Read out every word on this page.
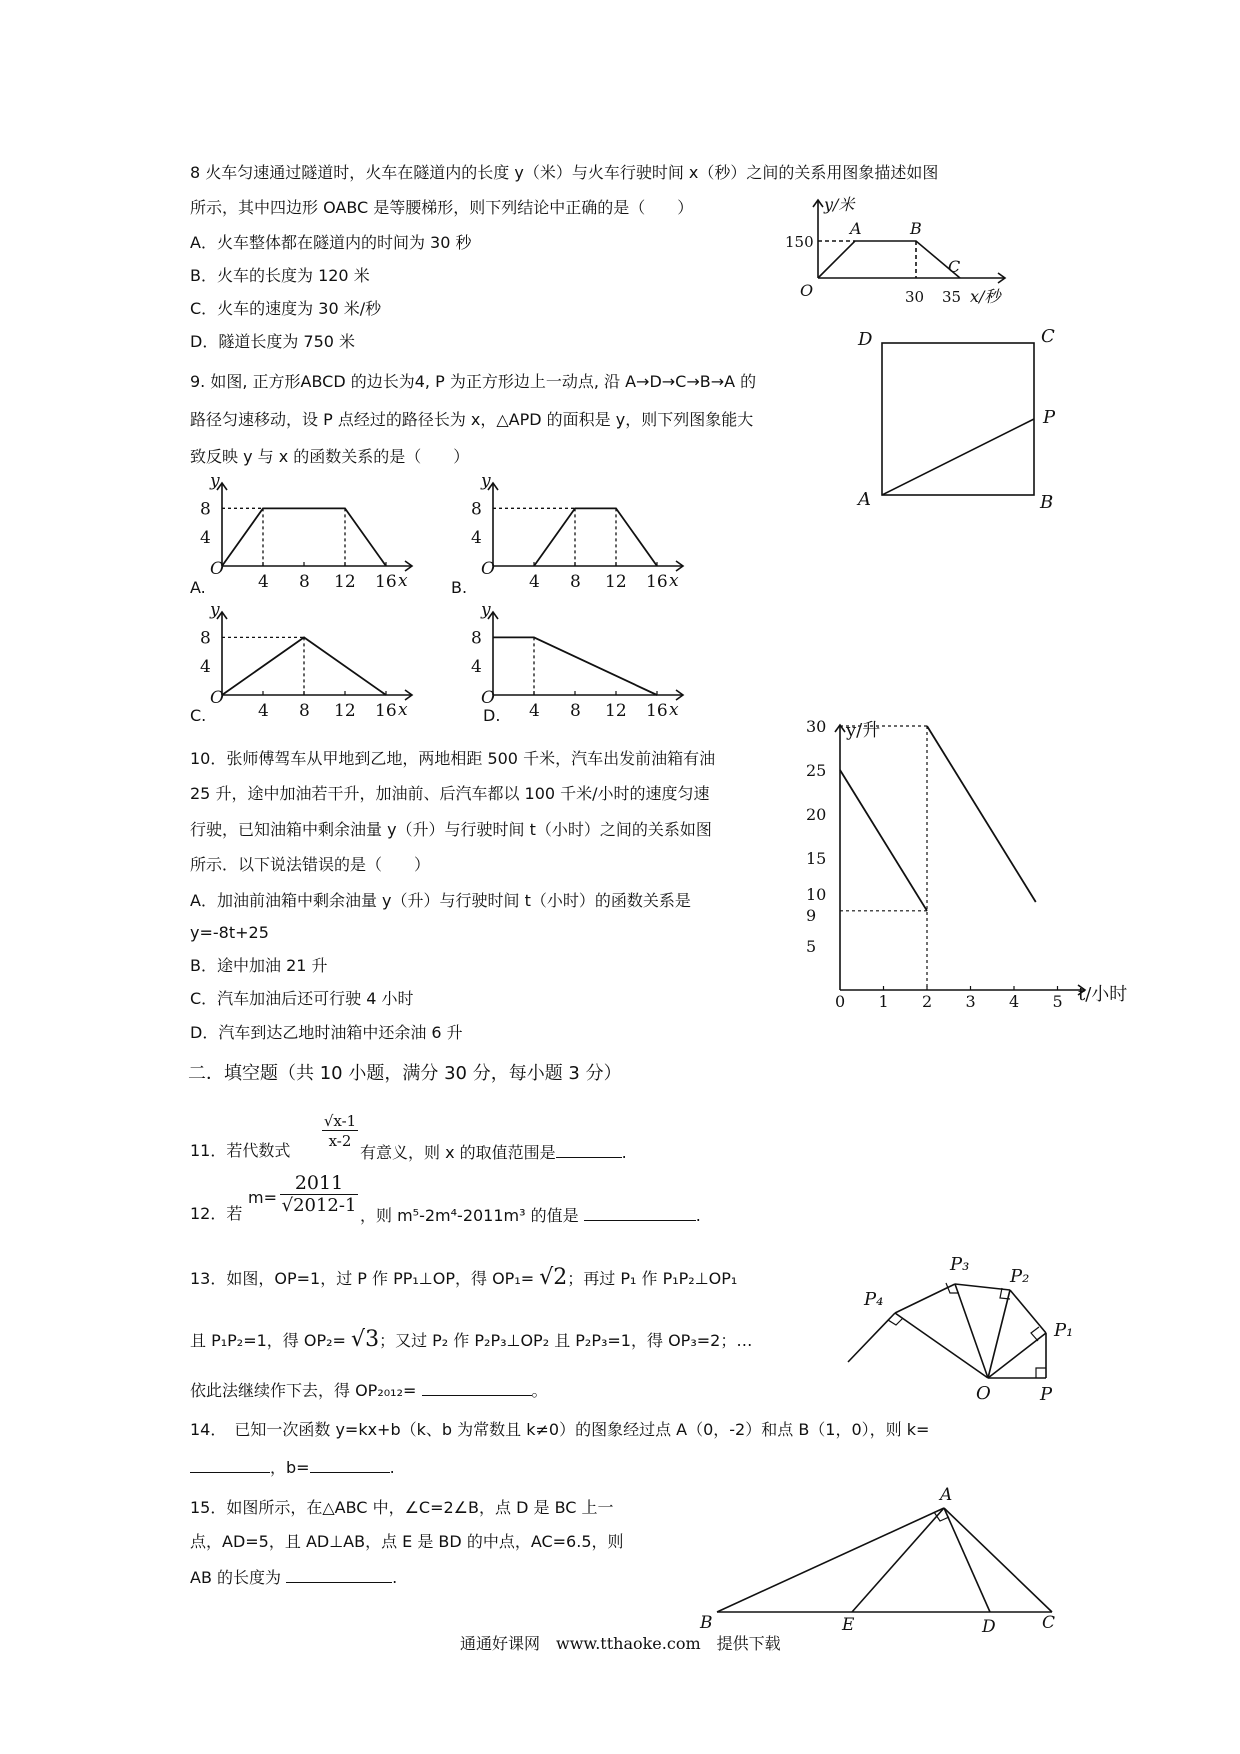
8 火车匀速通过隧道时，火车在隧道内的长度 y（米）与火车行驶时间 x（秒）之间的关系用图象描述如图
所示，其中四边形 OABC 是等腰梯形，则下列结论中正确的是（　　）
A．火车整体都在隧道内的时间为 30 秒
B．火车的长度为 120 米
C．火车的速度为 30 米/秒
D．隧道长度为 750 米
y/米
150
A	B
C
O	30 35 x/秒
9. 如图, 正方形ABCD 的边长为4, P 为正方形边上一动点, 沿 A→D→C→B→A 的
路径匀速移动，设 P 点经过的路径长为 x，△APD 的面积是 y，则下列图象能大
致反映 y 与 x 的函数关系的是（　　）
D	C
P
A	B
A.	B.
C.	D.
O
8
4
y
4 8 12 16 x
O
8
4
y
4 8 12 16 x
O
8
4
y
4 8 12 16 x
O
8
4
y
4 8 12 16 x
10．张师傅驾车从甲地到乙地，两地相距 500 千米，汽车出发前油箱有油
25 升，途中加油若干升，加油前、后汽车都以 100 千米/小时的速度匀速
行驶，已知油箱中剩余油量 y（升）与行驶时间 t（小时）之间的关系如图
所示．以下说法错误的是（　　）
A．加油前油箱中剩余油量 y（升）与行驶时间 t（小时）的函数关系是
y=-8t+25
B．途中加油 21 升
C．汽车加油后还可行驶 4 小时
D．汽车到达乙地时油箱中还余油 6 升
30
25
20
15
10
9
5
0 1 2 3 4 5
y/升
t/小时
二．填空题（共 10 小题，满分 30 分，每小题 3 分）
11．若代数式 $\frac{√x-1}{x-2}$
有意义，则 x 的取值范围是	.
12．若
$m= \frac{2011}{√2012-1}$ ，则 m⁵-2m⁴-2011m³ 的值是	.
13．如图，OP=1，过 P 作 PP₁⊥OP，得 OP₁= √2；再过 P₁ 作 P₁P₂⊥OP₁
且 P₁P₂=1，得 OP₂= √3；又过 P₂ 作 P₂P₃⊥OP₂ 且 P₂P₃=1，得 OP₃=2；…
依此法继续作下去，得 OP₂₀₁₂=	。	O	P
P₁
P₂
P₃
P₄
14．　已知一次函数 y=kx+b（k、b 为常数且 k≠0）的图象经过点 A（0，-2）和点 B（1，0），则 k=
，b=	.
15．如图所示，在△ABC 中，∠C=2∠B，点 D 是 BC 上一
点，AD=5，且 AD⊥AB，点 E 是 BD 的中点，AC=6.5，则
AB 的长度为	.
A
B	E	D	C
通通好课网　www.tthaoke.com　提供下载
